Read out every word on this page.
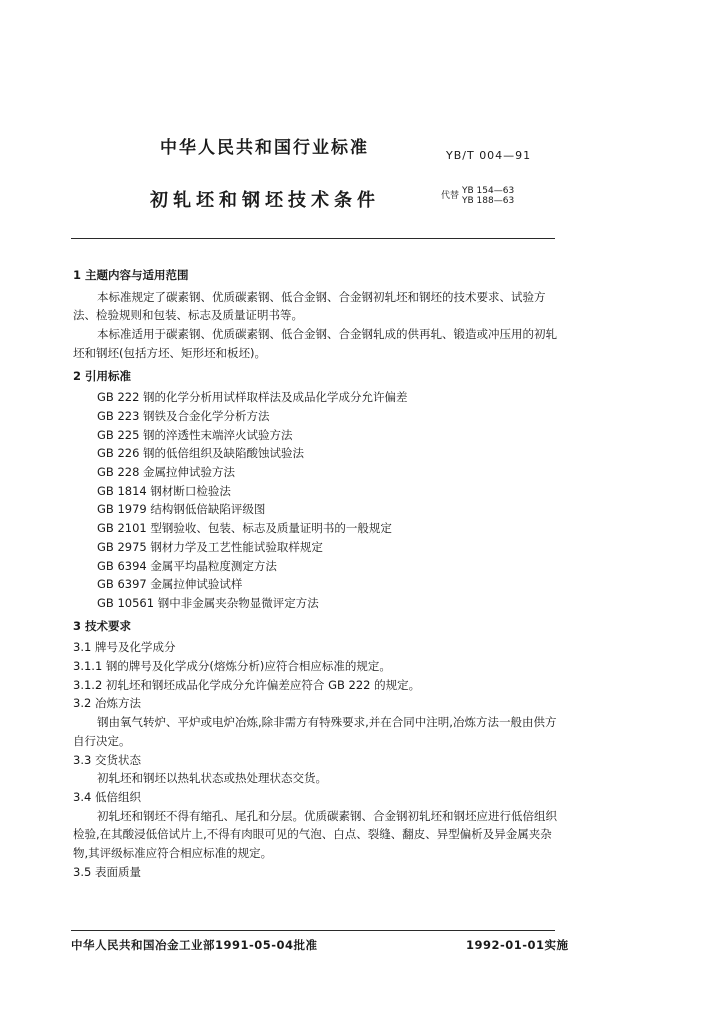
中华人民共和国行业标准	YB/T 004—91
初轧坯和钢坯技术条件	代替 YB 154—63
YB 188—63

1 主题内容与适用范围

本标准规定了碳素钢、优质碳素钢、低合金钢、合金钢初轧坯和钢坯的技术要求、试验方法、检验规则和包装、标志及质量证明书等。

本标准适用于碳素钢、优质碳素钢、低合金钢、合金钢轧成的供再轧、锻造或冲压用的初轧坯和钢坯(包括方坯、矩形坯和板坯)。

2 引用标准

GB 222 钢的化学分析用试样取样法及成品化学成分允许偏差

GB 223 钢铁及合金化学分析方法

GB 225 钢的淬透性末端淬火试验方法

GB 226 钢的低倍组织及缺陷酸蚀试验法

GB 228 金属拉伸试验方法

GB 1814 钢材断口检验法

GB 1979 结构钢低倍缺陷评级图

GB 2101 型钢验收、包装、标志及质量证明书的一般规定

GB 2975 钢材力学及工艺性能试验取样规定

GB 6394 金属平均晶粒度测定方法

GB 6397 金属拉伸试验试样

GB 10561 钢中非金属夹杂物显微评定方法

3 技术要求

3.1 牌号及化学成分

3.1.1 钢的牌号及化学成分(熔炼分析)应符合相应标准的规定。

3.1.2 初轧坯和钢坯成品化学成分允许偏差应符合 GB 222 的规定。

3.2 冶炼方法

钢由氧气转炉、平炉或电炉冶炼,除非需方有特殊要求,并在合同中注明,冶炼方法一般由供方自行决定。

3.3 交货状态

初轧坯和钢坯以热轧状态或热处理状态交货。

3.4 低倍组织

初轧坯和钢坯不得有缩孔、尾孔和分层。优质碳素钢、合金钢初轧坯和钢坯应进行低倍组织检验,在其酸浸低倍试片上,不得有肉眼可见的气泡、白点、裂缝、翻皮、异型偏析及异金属夹杂物,其评级标准应符合相应标准的规定。

3.5 表面质量

中华人民共和国冶金工业部1991-05-04批准	1992-01-01实施
